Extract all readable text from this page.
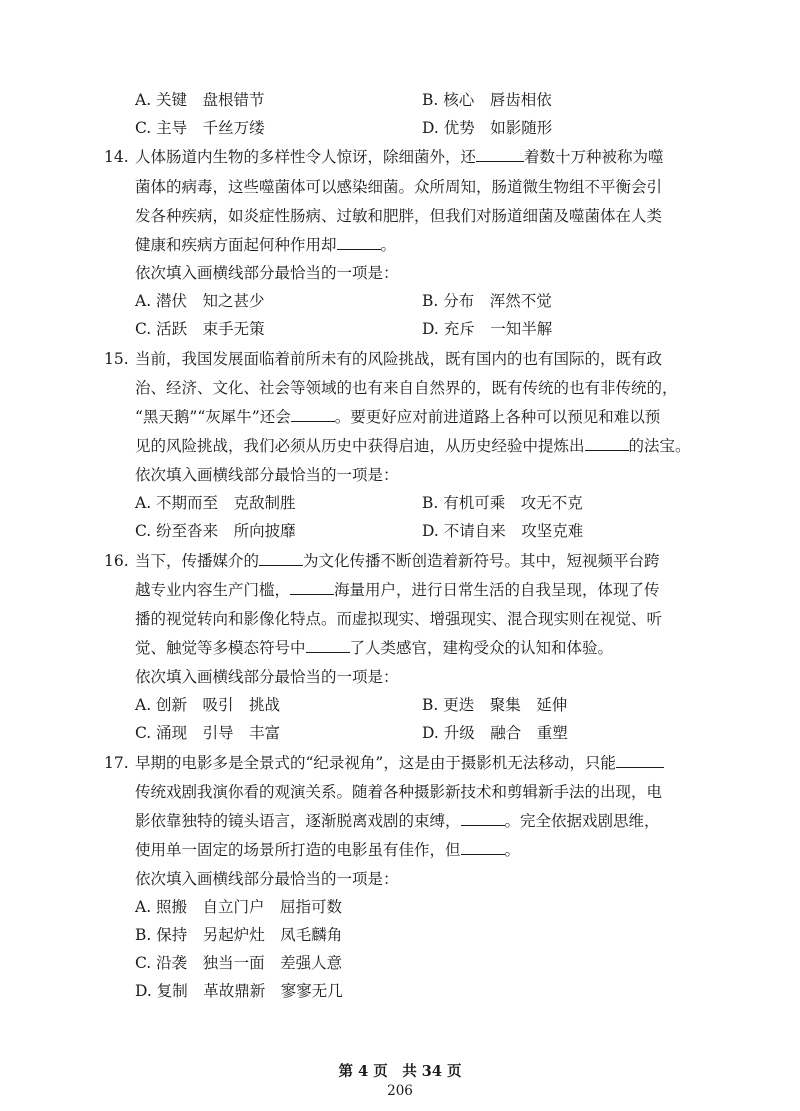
A. 关键　盘根错节	B. 核心　唇齿相依
C. 主导　千丝万缕	D. 优势　如影随形
14. 人体肠道内生物的多样性令人惊讶，除细菌外，还	着数十万种被称为噬
菌体的病毒，这些噬菌体可以感染细菌。众所周知，肠道微生物组不平衡会引
发各种疾病，如炎症性肠病、过敏和肥胖，但我们对肠道细菌及噬菌体在人类
健康和疾病方面起何种作用却	。
依次填入画横线部分最恰当的一项是：
A. 潜伏　知之甚少	B. 分布　浑然不觉
C. 活跃　束手无策	D. 充斥　一知半解
15. 当前，我国发展面临着前所未有的风险挑战，既有国内的也有国际的，既有政
治、经济、文化、社会等领域的也有来自自然界的，既有传统的也有非传统的，
“黑天鹅”“灰犀牛”还会	。要更好应对前进道路上各种可以预见和难以预
见的风险挑战，我们必须从历史中获得启迪，从历史经验中提炼出	的法宝。
依次填入画横线部分最恰当的一项是：
A. 不期而至　克敌制胜	B. 有机可乘　攻无不克
C. 纷至沓来　所向披靡	D. 不请自来　攻坚克难
16. 当下，传播媒介的	为文化传播不断创造着新符号。其中，短视频平台跨
越专业内容生产门槛，	海量用户，进行日常生活的自我呈现，体现了传
播的视觉转向和影像化特点。而虚拟现实、增强现实、混合现实则在视觉、听
觉、触觉等多模态符号中	了人类感官，建构受众的认知和体验。
依次填入画横线部分最恰当的一项是：
A. 创新　吸引　挑战	B. 更迭　聚集　延伸
C. 涌现　引导　丰富	D. 升级　融合　重塑
17. 早期的电影多是全景式的“纪录视角”，这是由于摄影机无法移动，只能
传统戏剧我演你看的观演关系。随着各种摄影新技术和剪辑新手法的出现，电
影依靠独特的镜头语言，逐渐脱离戏剧的束缚，	。完全依据戏剧思维，
使用单一固定的场景所打造的电影虽有佳作，但	。
依次填入画横线部分最恰当的一项是：
A. 照搬　自立门户　屈指可数
B. 保持　另起炉灶　凤毛麟角
C. 沿袭　独当一面　差强人意
D. 复制　革故鼎新　寥寥无几
第 4 页　共 34 页
206
